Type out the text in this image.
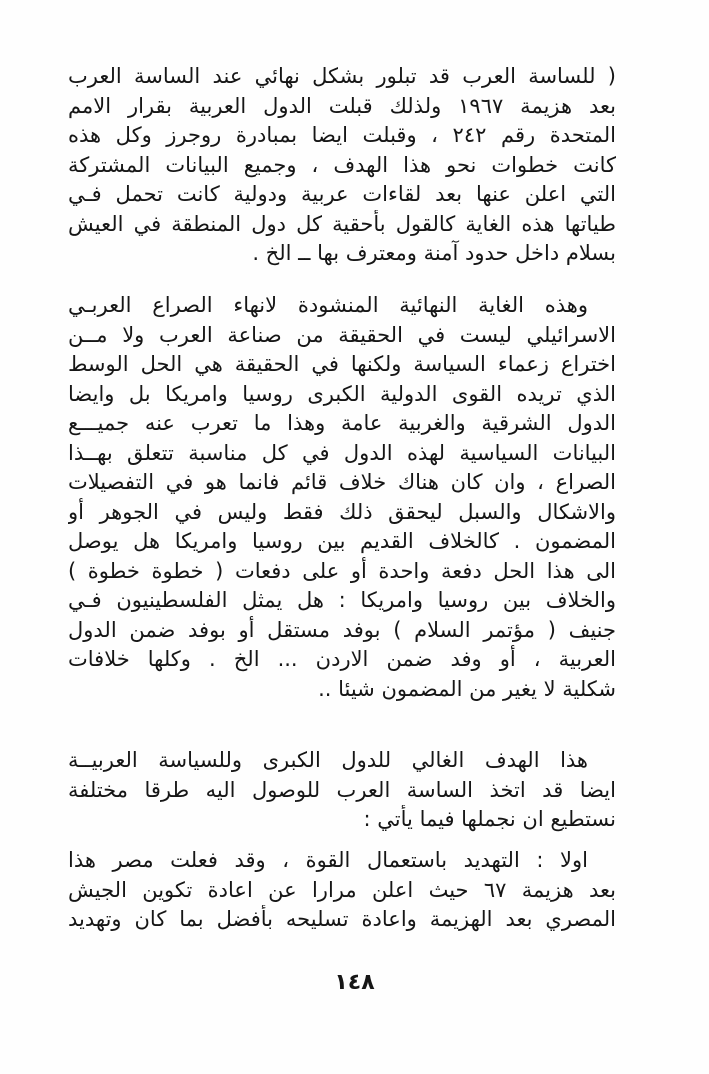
( للساسة العرب قد تبلور بشكل نهائي عند الساسة العرب
بعد هزيمة ١٩٦٧ ولذلك قبلت الدول العربية بقرار الامم
المتحدة رقم ٢٤٢ ، وقبلت ايضا بمبادرة روجرز وكل هذه
كانت خطوات نحو هذا الهدف ، وجميع البيانات المشتركة
التي اعلن عنها بعد لقاءات عربية ودولية كانت تحمل فـي
طياتها هذه الغاية كالقول بأحقية كل دول المنطقة في العيش
بسلام داخل حدود آمنة ومعترف بها ــ الخ .
وهذه الغاية النهائية المنشودة لانهاء الصراع العربـي
الاسرائيلي ليست في الحقيقة من صناعة العرب ولا مــن
اختراع زعماء السياسة ولكنها في الحقيقة هي الحل الوسط
الذي تريده القوى الدولية الكبرى روسيا وامريكا بل وايضا
الدول الشرقية والغربية عامة وهذا ما تعرب عنه جميـــع
البيانات السياسية لهذه الدول في كل مناسبة تتعلق بهــذا
الصراع ، وان كان هناك خلاف قائم فانما هو في التفصيلات
والاشكال والسبل ليحقق ذلك فقط وليس في الجوهر أو
المضمون . كالخلاف القديم بين روسيا وامريكا هل يوصل
الى هذا الحل دفعة واحدة أو على دفعات ( خطوة خطوة )
والخلاف بين روسيا وامريكا : هل يمثل الفلسطينيون فـي
جنيف ( مؤتمر السلام ) بوفد مستقل أو بوفد ضمن الدول
العربية ، أو وفد ضمن الاردن ... الخ . وكلها خلافات
شكلية لا يغير من المضمون شيئا ..
هذا الهدف الغالي للدول الكبرى وللسياسة العربيــة
ايضا قد اتخذ الساسة العرب للوصول اليه طرقا مختلفة
نستطيع ان نجملها فيما يأتي :
اولا : التهديد باستعمال القوة ، وقد فعلت مصر هذا
بعد هزيمة ٦٧ حيث اعلن مرارا عن اعادة تكوين الجيش
المصري بعد الهزيمة واعادة تسليحه بأفضل بما كان وتهديد
١٤٨
